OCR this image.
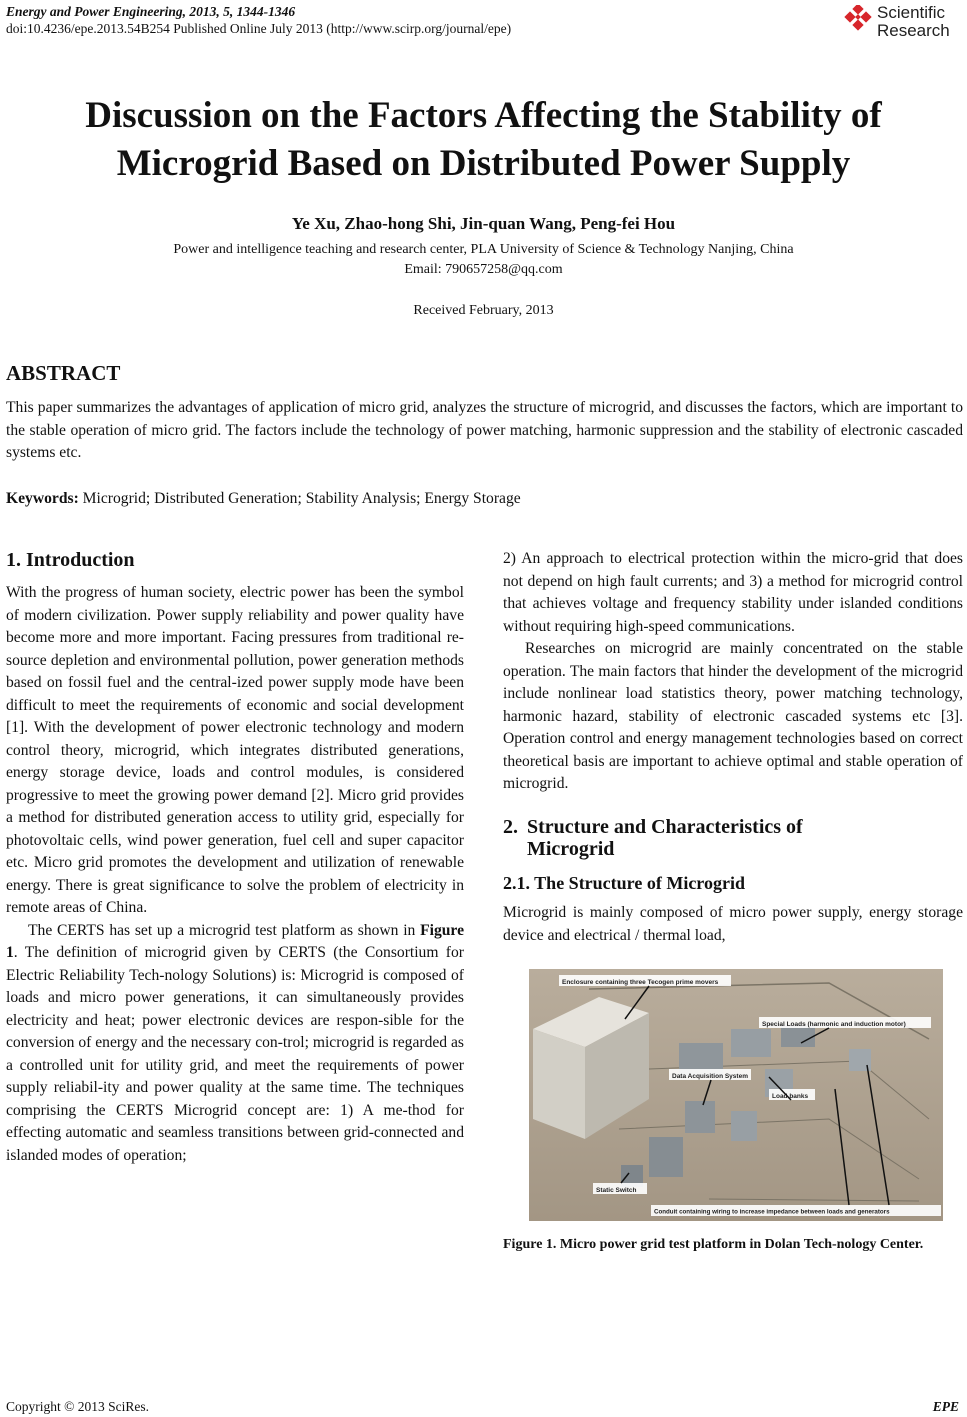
Energy and Power Engineering, 2013, 5, 1344-1346
doi:10.4236/epe.2013.54B254 Published Online July 2013 (http://www.scirp.org/journal/epe)
Scientific
Research
Discussion on the Factors Affecting the Stability of
Microgrid Based on Distributed Power Supply
Ye Xu, Zhao-hong Shi, Jin-quan Wang, Peng-fei Hou
Power and intelligence teaching and research center, PLA University of Science & Technology Nanjing, China
Email: 790657258@qq.com
Received February, 2013
ABSTRACT
This paper summarizes the advantages of application of micro grid, analyzes the structure of microgrid, and discusses the factors, which are important to the stable operation of micro grid. The factors include the technology of power matching, harmonic suppression and the stability of electronic cascaded systems etc.
Keywords: Microgrid; Distributed Generation; Stability Analysis; Energy Storage
1. Introduction

With the progress of human society, electric power has been the symbol of modern civilization. Power supply reliability and power quality have become more and more important. Facing pressures from traditional re-source depletion and environmental pollution, power generation methods based on fossil fuel and the central-ized power supply mode have been difficult to meet the requirements of economic and social development [1]. With the development of power electronic technology and modern control theory, microgrid, which integrates distributed generations, energy storage device, loads and control modules, is considered progressive to meet the growing power demand [2]. Micro grid provides a method for distributed generation access to utility grid, especially for photovoltaic cells, wind power generation, fuel cell and super capacitor etc. Micro grid promotes the development and utilization of renewable energy. There is great significance to solve the problem of electricity in remote areas of China.

The CERTS has set up a microgrid test platform as shown in Figure 1. The definition of microgrid given by CERTS (the Consortium for Electric Reliability Tech-nology Solutions) is: Microgrid is composed of loads and micro power generations, it can simultaneously provides electricity and heat; power electronic devices are respon-sible for the conversion of energy and the necessary con-trol; microgrid is regarded as a controlled unit for utility grid, and meet the requirements of power supply reliabil-ity and power quality at the same time. The techniques comprising the CERTS Microgrid concept are: 1) A me-thod for effecting automatic and seamless transitions between grid-connected and islanded modes of operation;

2) An approach to electrical protection within the micro-grid that does not depend on high fault currents; and 3) a method for microgrid control that achieves voltage and frequency stability under islanded conditions without requiring high-speed communications.

Researches on microgrid are mainly concentrated on the stable operation. The main factors that hinder the development of the microgrid include nonlinear load statistics theory, power matching technology, harmonic hazard, stability of electronic cascaded systems etc [3]. Operation control and energy management technologies based on correct theoretical basis are important to achieve optimal and stable operation of microgrid.

2. Structure and Characteristics of
Microgrid
2.1. The Structure of Microgrid

Microgrid is mainly composed of micro power supply, energy storage device and electrical / thermal load,

Enclosure containing three Tecogen prime movers
Special Loads (harmonic and induction motor)
Data Acquisition System
Load banks
Static Switch
Conduit containing wiring to increase impedance between loads and generators
Figure 1. Micro power grid test platform in Dolan Tech-nology Center.
Copyright © 2013 SciRes.	EPE
